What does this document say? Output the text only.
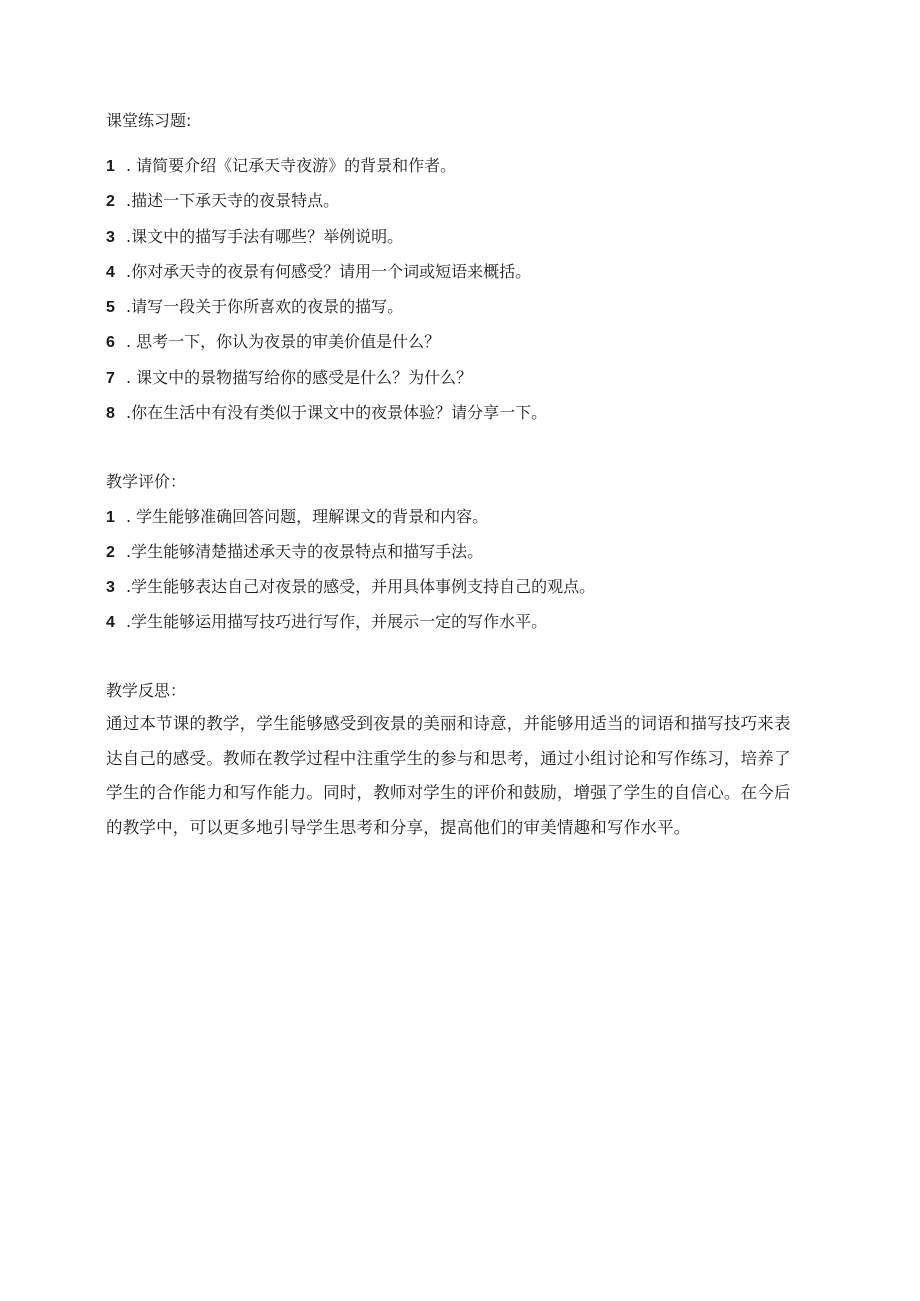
课堂练习题:
1 . 请简要介绍《记承天寺夜游》的背景和作者。
2 .描述一下承天寺的夜景特点。
3 .课文中的描写手法有哪些？举例说明。
4 .你对承天寺的夜景有何感受？请用一个词或短语来概括。
5 .请写一段关于你所喜欢的夜景的描写。
6 . 思考一下，你认为夜景的审美价值是什么？
7 . 课文中的景物描写给你的感受是什么？为什么？
8 .你在生活中有没有类似于课文中的夜景体验？请分享一下。
教学评价：
1 . 学生能够准确回答问题，理解课文的背景和内容。
2 .学生能够清楚描述承天寺的夜景特点和描写手法。
3 .学生能够表达自己对夜景的感受，并用具体事例支持自己的观点。
4 .学生能够运用描写技巧进行写作，并展示一定的写作水平。
教学反思：
通过本节课的教学，学生能够感受到夜景的美丽和诗意，并能够用适当的词语和描写技巧来表达自己的感受。教师在教学过程中注重学生的参与和思考，通过小组讨论和写作练习，培养了学生的合作能力和写作能力。同时，教师对学生的评价和鼓励，增强了学生的自信心。在今后的教学中，可以更多地引导学生思考和分享，提高他们的审美情趣和写作水平。
